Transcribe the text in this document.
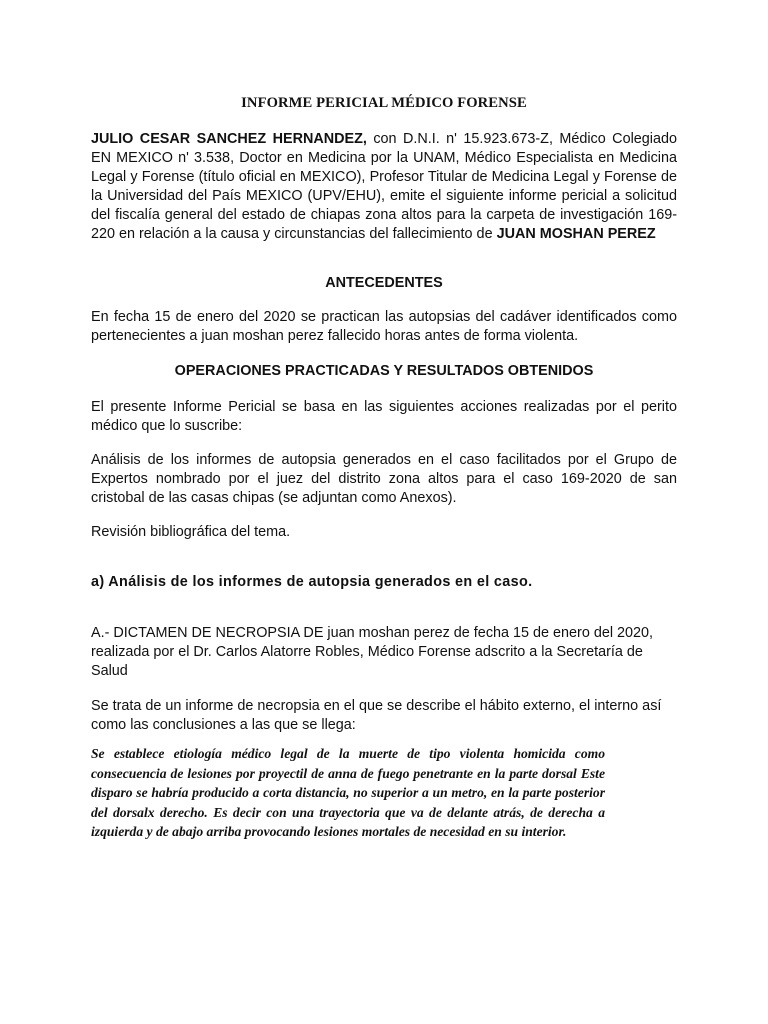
INFORME PERICIAL MÉDICO FORENSE

JULIO CESAR SANCHEZ HERNANDEZ, con D.N.I. n' 15.923.673-Z, Médico Colegiado EN MEXICO n' 3.538, Doctor en Medicina por la UNAM, Médico Especialista en Medicina Legal y Forense (título oficial en MEXICO), Profesor Titular de Medicina Legal y Forense de la Universidad del País MEXICO (UPV/EHU), emite el siguiente informe pericial a solicitud del fiscalía general del estado de chiapas zona altos para la carpeta de investigación 169-220 en relación a la causa y circunstancias del fallecimiento de JUAN MOSHAN PEREZ

ANTECEDENTES

En fecha 15 de enero del 2020 se practican las autopsias del cadáver identificados como pertenecientes a juan moshan perez fallecido horas antes de forma violenta.

OPERACIONES PRACTICADAS Y RESULTADOS OBTENIDOS

El presente Informe Pericial se basa en las siguientes acciones realizadas por el perito médico que lo suscribe:

Análisis de los informes de autopsia generados en el caso facilitados por el Grupo de Expertos nombrado por el juez del distrito zona altos para el caso 169-2020 de san cristobal de las casas chipas (se adjuntan como Anexos).

Revisión bibliográfica del tema.

a) Análisis de los informes de autopsia generados en el caso.

A.- DICTAMEN DE NECROPSIA DE juan moshan perez de fecha 15 de enero del 2020, realizada por el Dr. Carlos Alatorre Robles, Médico Forense adscrito a la Secretaría de Salud

Se trata de un informe de necropsia en el que se describe el hábito externo, el interno así como las conclusiones a las que se llega:

Se establece etiología médico legal de la muerte de tipo violenta homicida como consecuencia de lesiones por proyectil de anna de fuego penetrante en la parte dorsal Este disparo se habría producido a corta distancia, no superior a un metro, en la parte posterior del dorsalx derecho. Es decir con una trayectoria que va de delante atrás, de derecha a izquierda y de abajo arriba provocando lesiones mortales de necesidad en su interior.
